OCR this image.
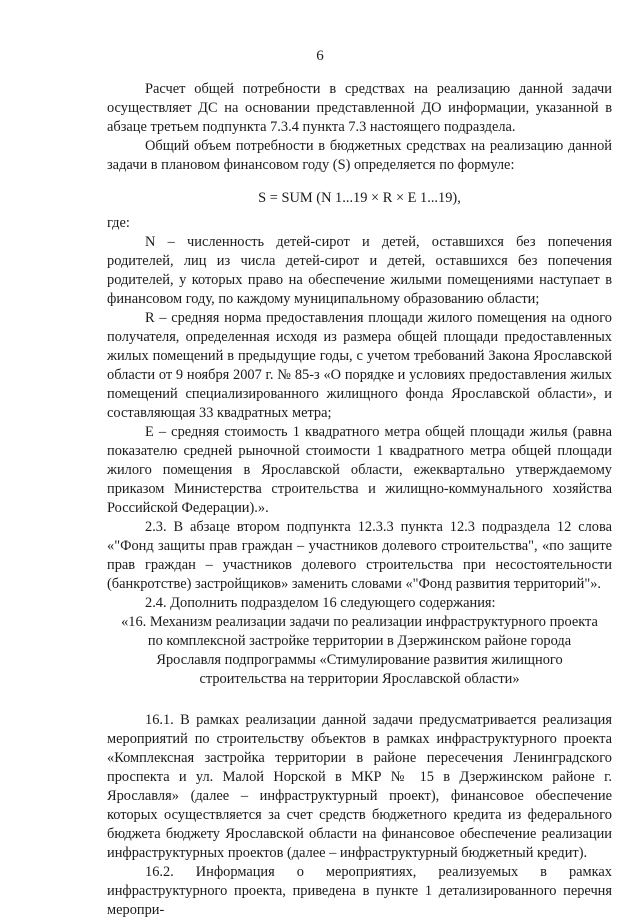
6

Расчет общей потребности в средствах на реализацию данной задачи осуществляет ДС на основании представленной ДО информации, указанной в абзаце третьем подпункта 7.3.4 пункта 7.3 настоящего подраздела.

Общий объем потребности в бюджетных средствах на реализацию данной задачи в плановом финансовом году (S) определяется по формуле:

S = SUM (N 1...19 × R × E 1...19),

где:

N – численность детей-сирот и детей, оставшихся без попечения родителей, лиц из числа детей-сирот и детей, оставшихся без попечения родителей, у которых право на обеспечение жилыми помещениями наступает в финансовом году, по каждому муниципальному образованию области;

R – средняя норма предоставления площади жилого помещения на одного получателя, определенная исходя из размера общей площади предоставленных жилых помещений в предыдущие годы, с учетом требований Закона Ярославской области от 9 ноября 2007 г. № 85-з «О порядке и условиях предоставления жилых помещений специализированного жилищного фонда Ярославской области», и составляющая 33 квадратных метра;

E – средняя стоимость 1 квадратного метра общей площади жилья (равна показателю средней рыночной стоимости 1 квадратного метра общей площади жилого помещения в Ярославской области, ежеквартально утверждаемому приказом Министерства строительства и жилищно-коммунального хозяйства Российской Федерации).».

2.3. В абзаце втором подпункта 12.3.3 пункта 12.3 подраздела 12 слова «"Фонд защиты прав граждан – участников долевого строительства", «по защите прав граждан – участников долевого строительства при несостоятельности (банкротстве) застройщиков» заменить словами «"Фонд развития территорий"».

2.4. Дополнить подразделом 16 следующего содержания:

«16. Механизм реализации задачи по реализации инфраструктурного проекта
по комплексной застройке территории в Дзержинском районе города
Ярославля подпрограммы «Стимулирование развития жилищного
строительства на территории Ярославской области»

16.1. В рамках реализации данной задачи предусматривается реализация мероприятий по строительству объектов в рамках инфраструктурного проекта «Комплексная застройка территории в районе пересечения Ленинградского проспекта и ул. Малой Норской в МКР № 15 в Дзержинском районе г. Ярославля» (далее – инфраструктурный проект), финансовое обеспечение которых осуществляется за счет средств бюджетного кредита из федерального бюджета бюджету Ярославской области на финансовое обеспечение реализации инфраструктурных проектов (далее – инфраструктурный бюджетный кредит).

16.2. Информация о мероприятиях, реализуемых в рамках инфраструктурного проекта, приведена в пункте 1 детализированного перечня меропри-
